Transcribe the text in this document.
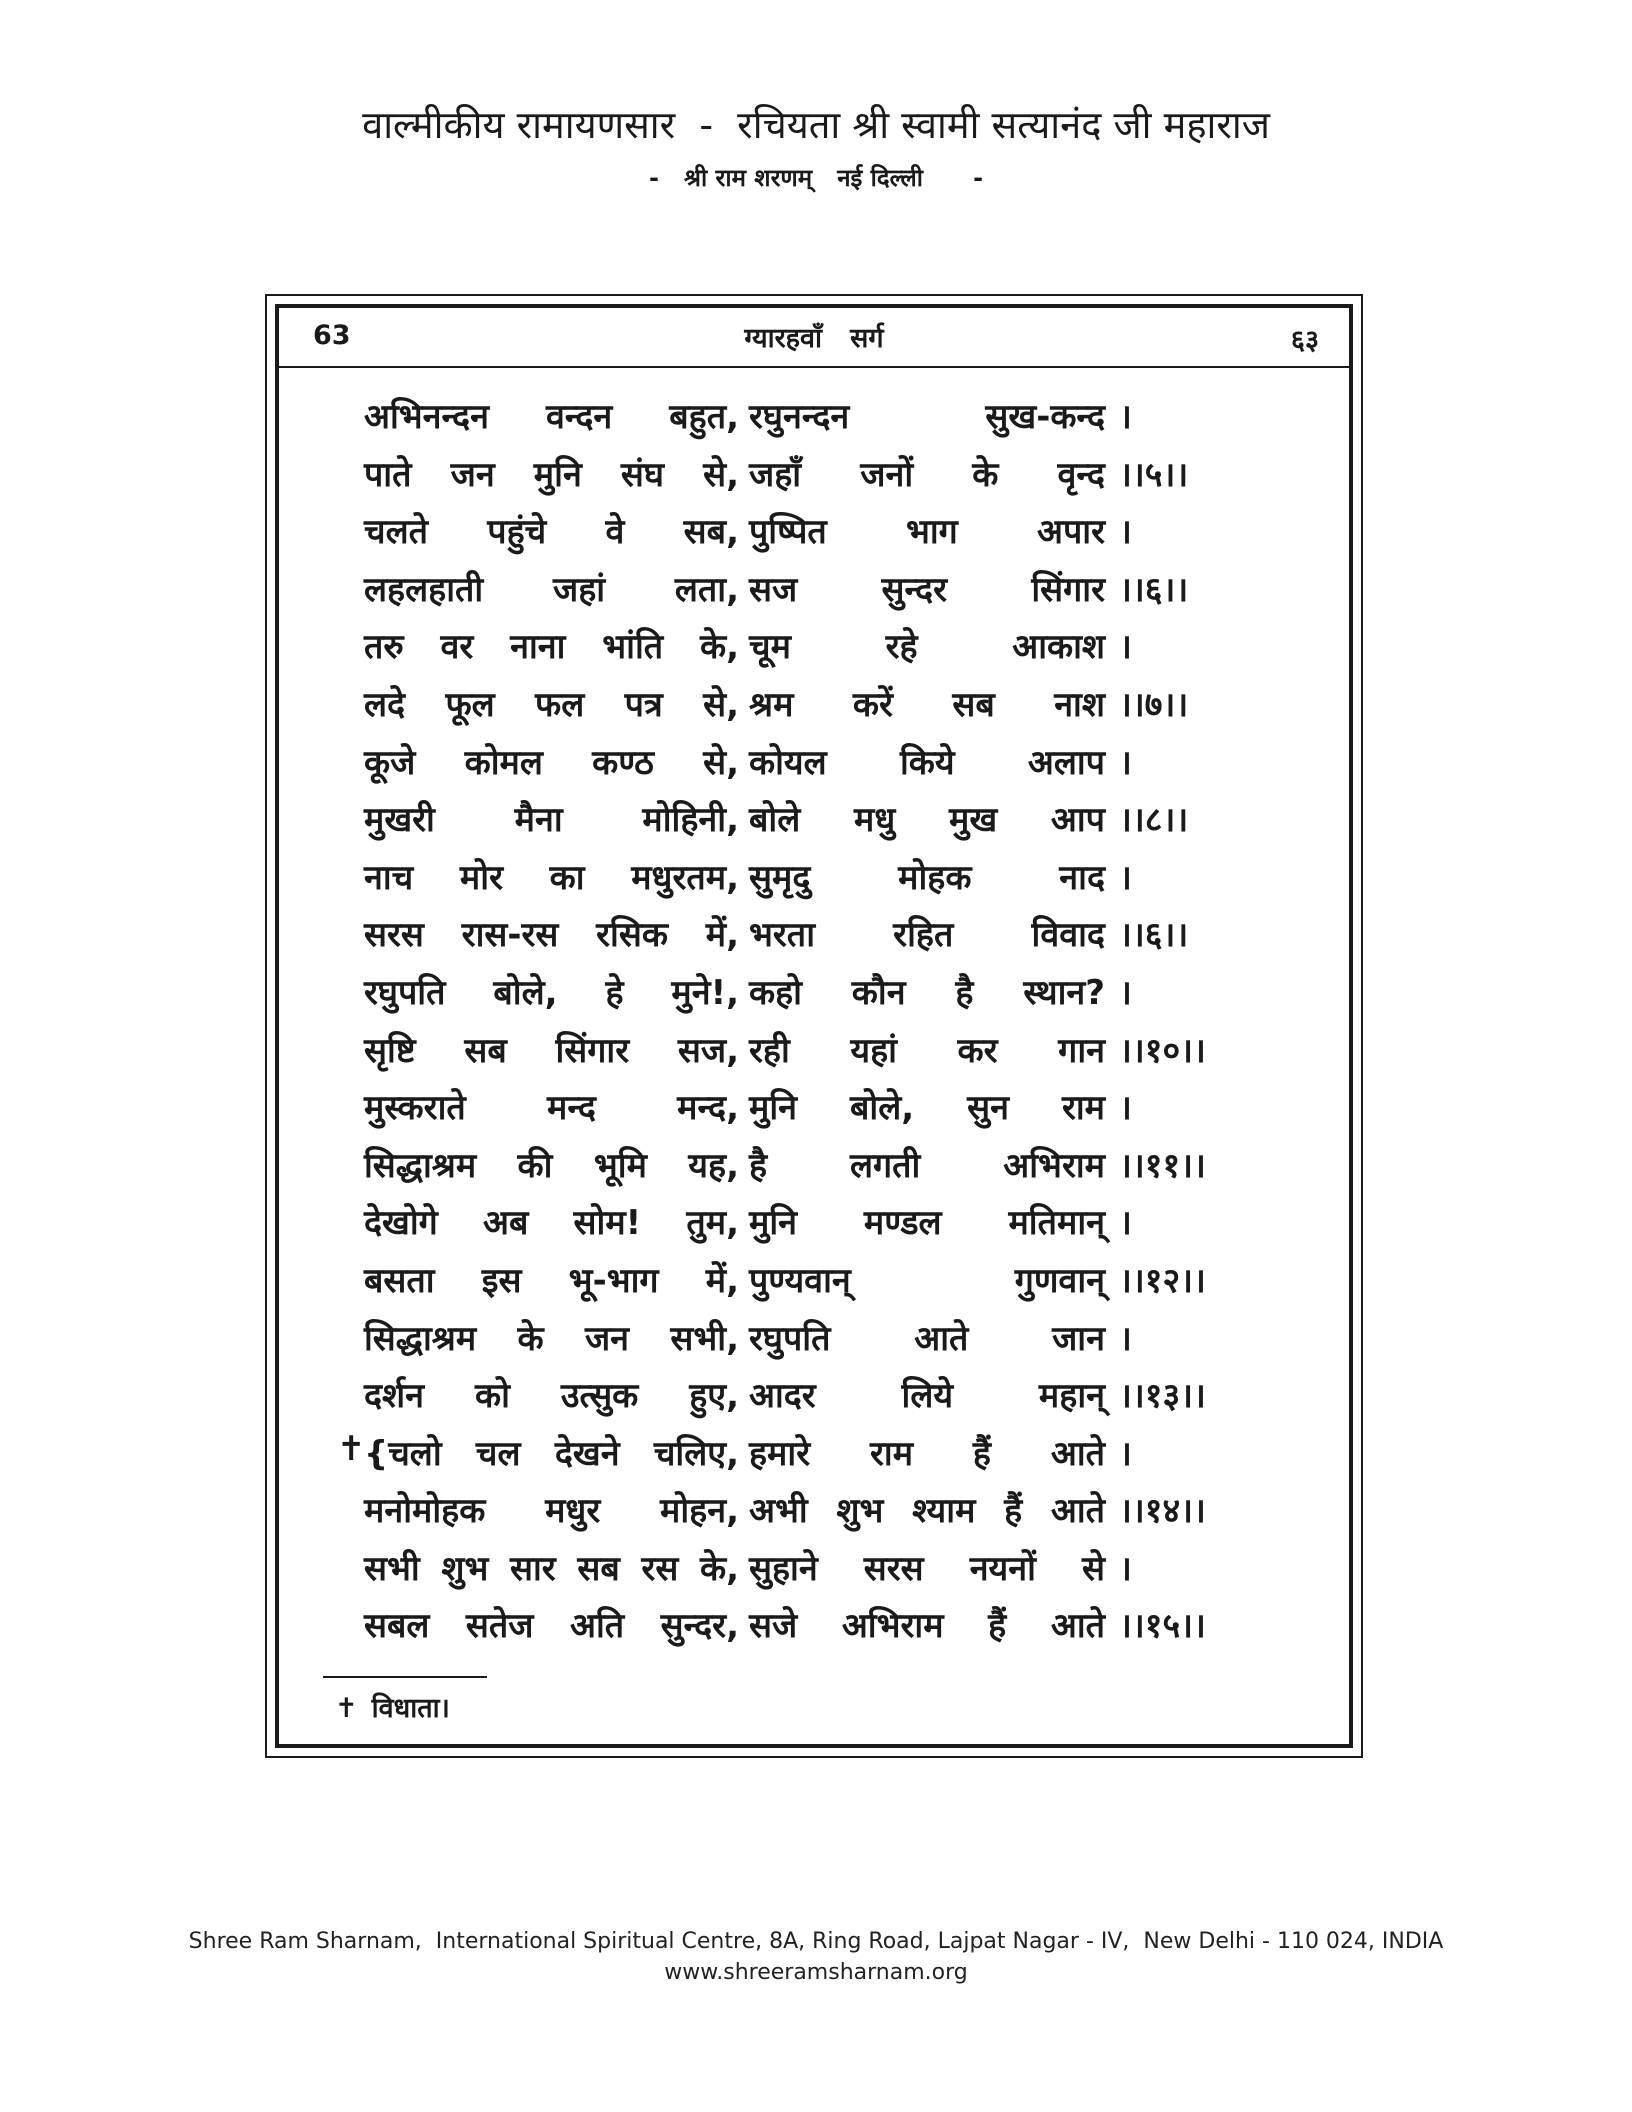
वाल्मीकीय रामायणसार  -  रचियता श्री स्वामी सत्यानंद जी महाराज
-   श्री राम शरणम्   नई दिल्ली      -
63	ग्यारहवाँ   सर्ग	६३
अभिनन्दन वन्दन बहुत, रघुनन्दन सुख-कन्द ।
पाते जन मुनि संघ से, जहाँ जनों के वृन्द ।।५।।
चलते पहुंचे वे सब, पुष्पित भाग अपार ।
लहलहाती जहां लता, सज सुन्दर सिंगार ।।६।।
तरु वर नाना भांति के, चूम रहे आकाश ।
लदे फूल फल पत्र से, श्रम करें सब नाश ।।७।।
कूजे कोमल कण्ठ से, कोयल किये अलाप ।
मुखरी मैना मोहिनी, बोले मधु मुख आप ।।८।।
नाच मोर का मधुरतम, सुमृदु मोहक नाद ।
सरस रास-रस रसिक में, भरता रहित विवाद ।।६।।
रघुपति बोले, हे मुने!, कहो कौन है स्थान? ।
सृष्टि सब सिंगार सज, रही यहां कर गान ।।१०।।
मुस्कराते मन्द मन्द, मुनि बोले, सुन राम ।
सिद्धाश्रम की भूमि यह, है लगती अभिराम ।।११।।
देखोगे अब सोम! तुम, मुनि मण्डल मतिमान् ।
बसता इस भू-भाग में, पुण्यवान् गुणवान् ।।१२।।
सिद्धाश्रम के जन सभी, रघुपति आते जान ।
दर्शन को उत्सुक हुए, आदर लिये महान् ।।१३।।
✝
{चलो चल देखने चलिए, हमारे राम हैं आते ।
मनोमोहक मधुर मोहन, अभी शुभ श्याम हैं आते ।।१४।।
सभी शुभ सार सब रस के, सुहाने सरस नयनों से ।
सबल सतेज अति सुन्दर, सजे अभिराम हैं आते ।।१५।।
✝ विधाता।
Shree Ram Sharnam,  International Spiritual Centre, 8A, Ring Road, Lajpat Nagar - IV,  New Delhi - 110 024, INDIA
www.shreeramsharnam.org
